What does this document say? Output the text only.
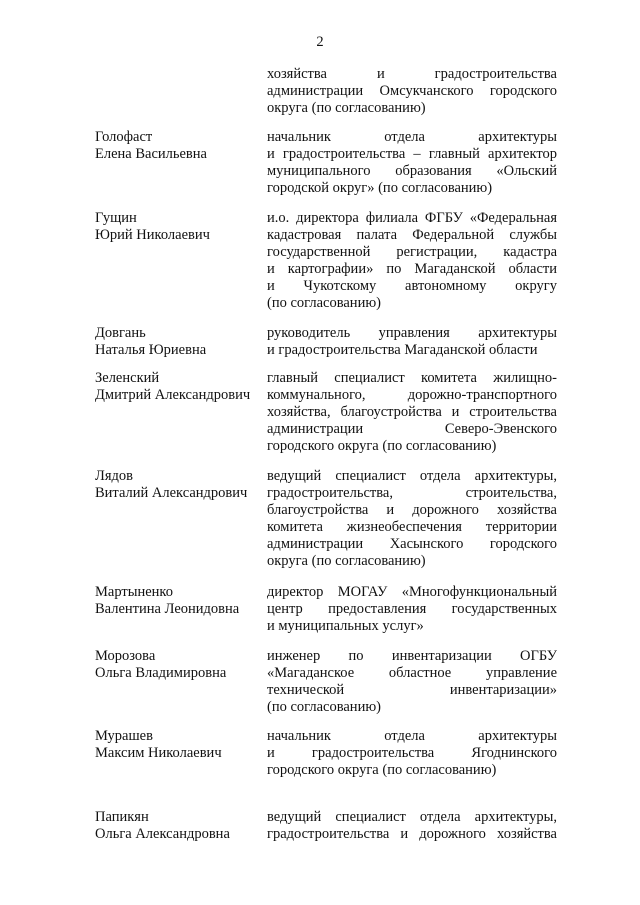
2
хозяйства и градостроительства
администрации Омсукчанского городского
округа (по согласованию)
Голофаст
Елена Васильевна
начальник отдела архитектуры
и градостроительства – главный архитектор
муниципального образования «Ольский
городской округ» (по согласованию)
Гущин
Юрий Николаевич
и.о. директора филиала ФГБУ «Федеральная
кадастровая палата Федеральной службы
государственной регистрации, кадастра
и картографии» по Магаданской области
и Чукотскому автономному округу
(по согласованию)
Довгань
Наталья Юриевна
руководитель управления архитектуры
и градостроительства Магаданской области
Зеленский
Дмитрий Александрович
главный специалист комитета жилищно-
коммунального, дорожно-транспортного
хозяйства, благоустройства и строительства
администрации Северо-Эвенского
городского округа (по согласованию)
Лядов
Виталий Александрович
ведущий специалист отдела архитектуры,
градостроительства, строительства,
благоустройства и дорожного хозяйства
комитета жизнеобеспечения территории
администрации Хасынского городского
округа (по согласованию)
Мартыненко
Валентина Леонидовна
директор МОГАУ «Многофункциональный
центр предоставления государственных
и муниципальных услуг»
Морозова
Ольга Владимировна
инженер по инвентаризации ОГБУ
«Магаданское областное управление
технической инвентаризации»
(по согласованию)
Мурашев
Максим Николаевич
начальник отдела архитектуры
и градостроительства Ягоднинского
городского округа (по согласованию)
Папикян
Ольга Александровна
ведущий специалист отдела архитектуры,
градостроительства и дорожного хозяйства
